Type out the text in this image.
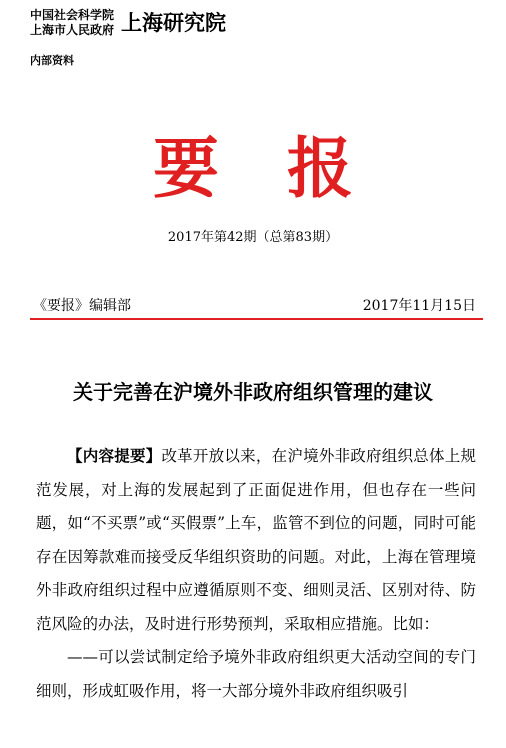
中国社会科学院
上海市人民政府 上海研究院
内部资料
要报
2017年第42期（总第83期）
《要报》编辑部	2017年11月15日
关于完善在沪境外非政府组织管理的建议

【内容提要】改革开放以来，在沪境外非政府组织总体上规范发展，对上海的发展起到了正面促进作用，但也存在一些问题，如“不买票”或“买假票”上车，监管不到位的问题，同时可能存在因筹款难而接受反华组织资助的问题。对此，上海在管理境外非政府组织过程中应遵循原则不变、细则灵活、区别对待、防范风险的办法，及时进行形势预判，采取相应措施。比如：

——可以尝试制定给予境外非政府组织更大活动空间的专门细则，形成虹吸作用，将一大部分境外非政府组织吸引
